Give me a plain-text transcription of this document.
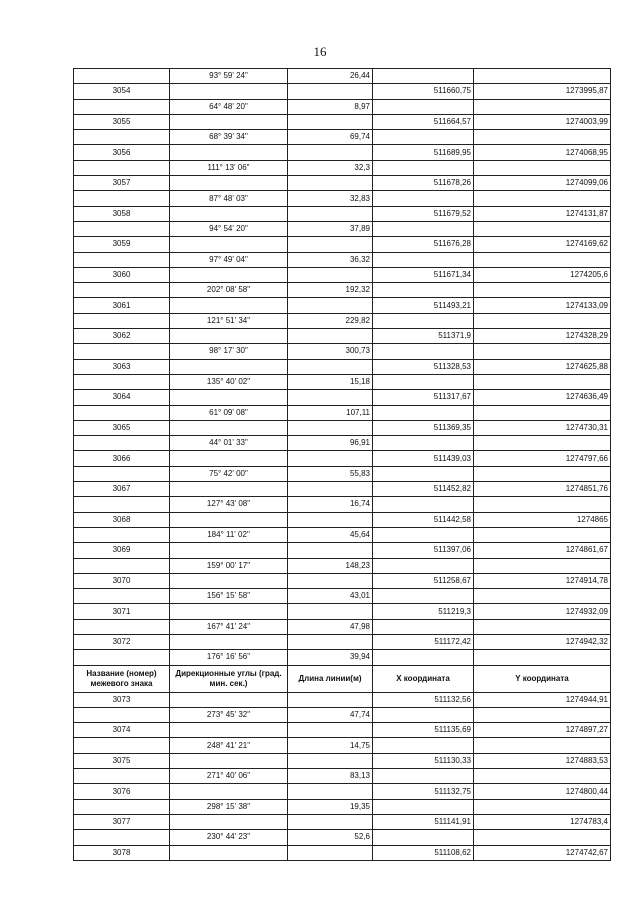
16
	93° 59' 24"	26,44		
3054			511660,75	1273995,87
	64° 48' 20"	8,97		
3055			511664,57	1274003,99
	68° 39' 34"	69,74		
3056			511689,95	1274068,95
	111° 13' 06"	32,3		
3057			511678,26	1274099,06
	87° 48' 03"	32,83		
3058			511679,52	1274131,87
	94° 54' 20"	37,89		
3059			511676,28	1274169,62
	97° 49' 04"	36,32		
3060			511671,34	1274205,6
	202° 08' 58"	192,32		
3061			511493,21	1274133,09
	121° 51' 34"	229,82		
3062			511371,9	1274328,29
	98° 17' 30"	300,73		
3063			511328,53	1274625,88
	135° 40' 02"	15,18		
3064			511317,67	1274636,49
	61° 09' 08"	107,11		
3065			511369,35	1274730,31
	44° 01' 33"	96,91		
3066			511439,03	1274797,66
	75° 42' 00"	55,83		
3067			511452,82	1274851,76
	127° 43' 08"	16,74		
3068			511442,58	1274865
	184° 11' 02"	45,64		
3069			511397,06	1274861,67
	159° 00' 17"	148,23		
3070			511258,67	1274914,78
	156° 15' 58"	43,01		
3071			511219,3	1274932,09
	167° 41' 24"	47,98		
3072			511172,42	1274942,32
	176° 16' 56"	39,94		
Название (номер) межевого знака	Дирекционные углы (град. мин. сек.)	Длина линии(м)	X координата	Y координата
3073			511132,56	1274944,91
	273° 45' 32"	47,74		
3074			511135,69	1274897,27
	248° 41' 21"	14,75		
3075			511130,33	1274883,53
	271° 40' 06"	83,13		
3076			511132,75	1274800,44
	298° 15' 38"	19,35		
3077			511141,91	1274783,4
	230° 44' 23"	52,6		
3078			511108,62	1274742,67
